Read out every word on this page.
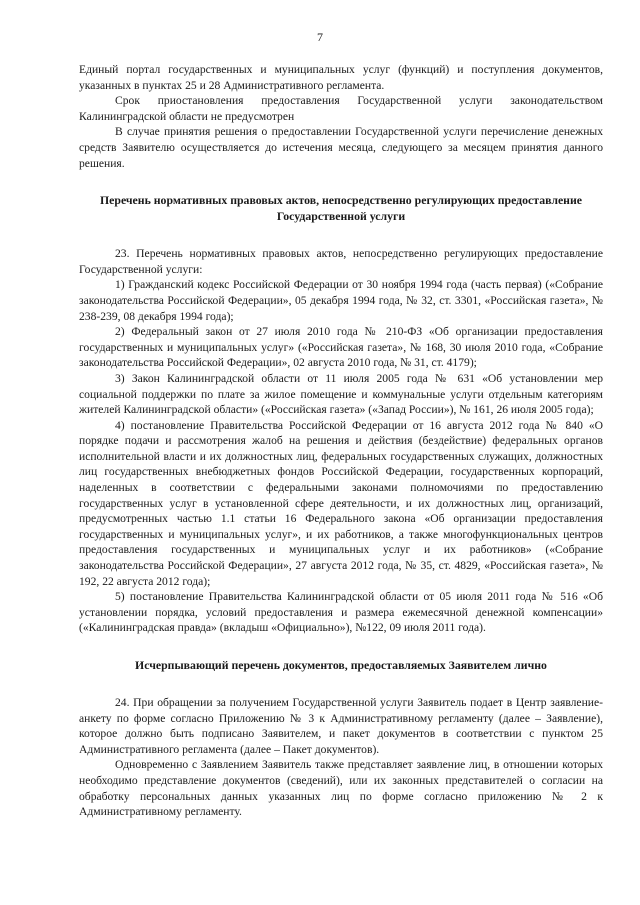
7

Единый портал государственных и муниципальных услуг (функций) и поступления документов, указанных в пунктах 25 и 28 Административного регламента.

Срок приостановления предоставления Государственной услуги законодательством Калининградской области не предусмотрен

В случае принятия решения о предоставлении Государственной услуги перечисление денежных средств Заявителю осуществляется до истечения месяца, следующего за месяцем принятия данного решения.

Перечень нормативных правовых актов, непосредственно регулирующих предоставление Государственной услуги

23. Перечень нормативных правовых актов, непосредственно регулирующих предоставление Государственной услуги:

1) Гражданский кодекс Российской Федерации от 30 ноября 1994 года (часть первая) («Собрание законодательства Российской Федерации», 05 декабря 1994 года, № 32, ст. 3301, «Российская газета», № 238-239, 08 декабря 1994 года);

2) Федеральный закон от 27 июля 2010 года № 210-ФЗ «Об организации предоставления государственных и муниципальных услуг» («Российская газета», № 168, 30 июля 2010 года, «Собрание законодательства Российской Федерации», 02 августа 2010 года, № 31, ст. 4179);

3) Закон Калининградской области от 11 июля 2005 года № 631 «Об установлении мер социальной поддержки по плате за жилое помещение и коммунальные услуги отдельным категориям жителей Калининградской области» («Российская газета» («Запад России»), № 161, 26 июля 2005 года);

4) постановление Правительства Российской Федерации от 16 августа 2012 года № 840 «О порядке подачи и рассмотрения жалоб на решения и действия (бездействие) федеральных органов исполнительной власти и их должностных лиц, федеральных государственных служащих, должностных лиц государственных внебюджетных фондов Российской Федерации, государственных корпораций, наделенных в соответствии с федеральными законами полномочиями по предоставлению государственных услуг в установленной сфере деятельности, и их должностных лиц, организаций, предусмотренных частью 1.1 статьи 16 Федерального закона «Об организации предоставления государственных и муниципальных услуг», и их работников, а также многофункциональных центров предоставления государственных и муниципальных услуг и их работников» («Собрание законодательства Российской Федерации», 27 августа 2012 года, № 35, ст. 4829, «Российская газета», № 192, 22 августа 2012 года);

5) постановление Правительства Калининградской области от 05 июля 2011 года № 516 «Об установлении порядка, условий предоставления и размера ежемесячной денежной компенсации» («Калининградская правда» (вкладыш «Официально»), №122, 09 июля 2011 года).

Исчерпывающий перечень документов, предоставляемых Заявителем лично

24. При обращении за получением Государственной услуги Заявитель подает в Центр заявление-анкету по форме согласно Приложению № 3 к Административному регламенту (далее – Заявление), которое должно быть подписано Заявителем, и пакет документов в соответствии с пунктом 25 Административного регламента (далее – Пакет документов).

Одновременно с Заявлением Заявитель также представляет заявление лиц, в отношении которых необходимо представление документов (сведений), или их законных представителей о согласии на обработку персональных данных указанных лиц по форме согласно приложению № 2 к Административному регламенту.
